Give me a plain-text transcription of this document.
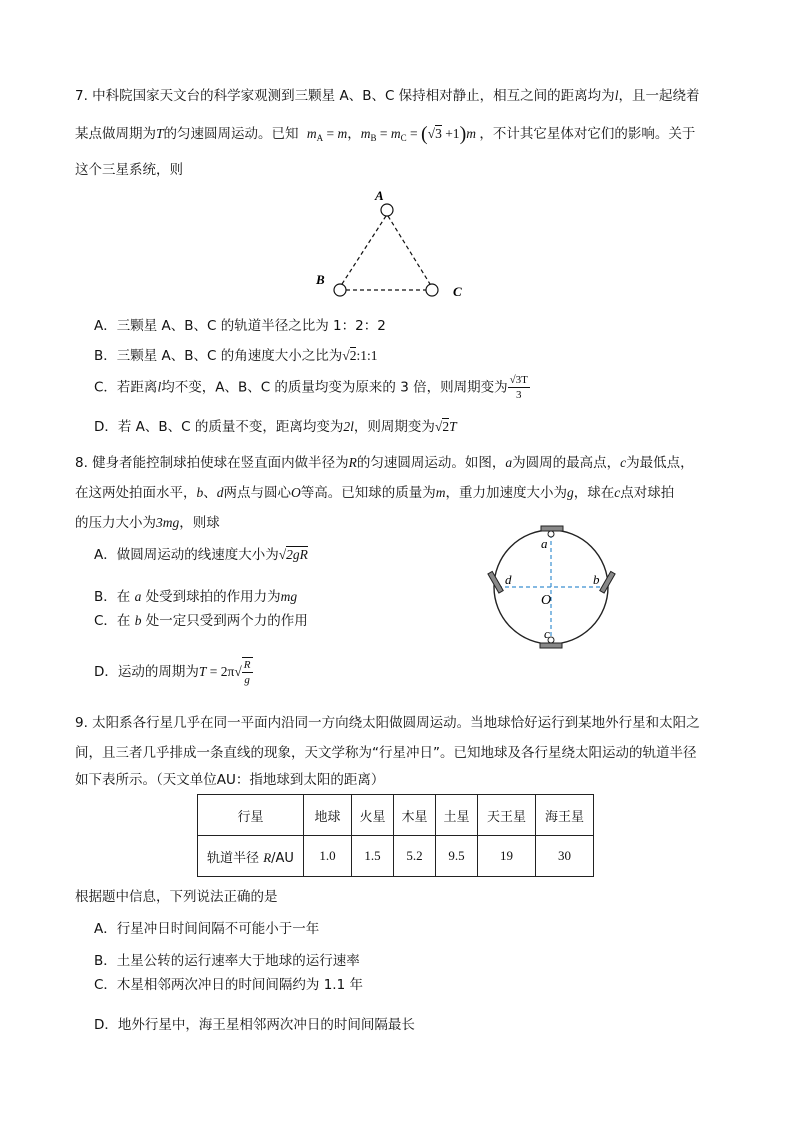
7. 中科院国家天文台的科学家观测到三颗星 A、B、C 保持相对静止，相互之间的距离均为l，且一起绕着
某点做周期为T的匀速圆周运动。已知 $m_A = m$，$m_B = m_C = (√3 +1)m$ ，不计其它星体对它们的影响。关于
这个三星系统，则
A
B
C
A．三颗星 A、B、C 的轨道半径之比为 1：2：2
B．三颗星 A、B、C 的角速度大小之比为√2:1:1
C．若距离l均不变，A、B、C 的质量均变为原来的 3 倍，则周期变为 $\frac{√3T}{3}$
D．若 A、B、C 的质量不变，距离均变为2l，则周期变为√2T
8. 健身者能控制球拍使球在竖直面内做半径为R的匀速圆周运动。如图，a为圆周的最高点，c为最低点，
在这两处拍面水平，b、d两点与圆心O等高。已知球的质量为m，重力加速度大小为g，球在c点对球拍
的压力大小为3mg，则球
A．做圆周运动的线速度大小为√2gR
B．在 a 处受到球拍的作用力为mg
C．在 b 处一定只受到两个力的作用
D．运动的周期为$T = 2\pi√ \frac{R}{g}$
a
b
c
d
O
9. 太阳系各行星几乎在同一平面内沿同一方向绕太阳做圆周运动。当地球恰好运行到某地外行星和太阳之
间，且三者几乎排成一条直线的现象，天文学称为“行星冲日”。已知地球及各行星绕太阳运动的轨道半径
如下表所示。（天文单位AU：指地球到太阳的距离）
行星	地球	火星	木星	土星	天王星	海王星
轨道半径 R/AU	1.0	1.5	5.2	9.5	19	30
根据题中信息，下列说法正确的是
A．行星冲日时间间隔不可能小于一年
B．土星公转的运行速率大于地球的运行速率
C．木星相邻两次冲日的时间间隔约为 1.1 年
D．地外行星中，海王星相邻两次冲日的时间间隔最长
